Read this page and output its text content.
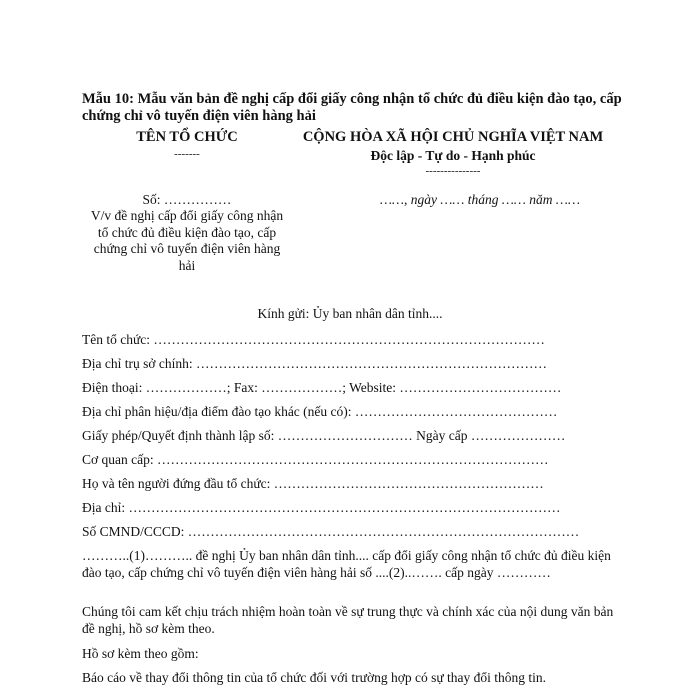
Mẫu 10: Mẫu văn bản đề nghị cấp đổi giấy công nhận tổ chức đủ điều kiện đào tạo, cấp chứng chỉ vô tuyến điện viên hàng hải
TÊN TỔ CHỨC
-------
CỘNG HÒA XÃ HỘI CHỦ NGHĨA VIỆT NAM
Độc lập - Tự do - Hạnh phúc
---------------
Số: ……………
V/v đề nghị cấp đổi giấy công nhận tổ chức đủ điều kiện đào tạo, cấp chứng chỉ vô tuyến điện viên hàng hải
……, ngày …… tháng …… năm ……
Kính gửi: Ủy ban nhân dân tỉnh....
Tên tổ chức: ……………………………………………………………………………
Địa chỉ trụ sở chính: ……………………………………………………………………
Điện thoại: ………………; Fax: ………………; Website: ………………………………
Địa chỉ phân hiệu/địa điểm đào tạo khác (nếu có): ………………………………………
Giấy phép/Quyết định thành lập số: ………………………… Ngày cấp …………………
Cơ quan cấp: ……………………………………………………………………………
Họ và tên người đứng đầu tổ chức: ……………………………………………………
Địa chỉ: ……………………………………………………………………………………
Số CMND/CCCD: ……………………………………………………………………………
………..(1)……….. đề nghị Ủy ban nhân dân tỉnh.... cấp đổi giấy công nhận tổ chức đủ điều kiện đào tạo, cấp chứng chỉ vô tuyến điện viên hàng hải số ....(2)..……. cấp ngày …………
Chúng tôi cam kết chịu trách nhiệm hoàn toàn về sự trung thực và chính xác của nội dung văn bản đề nghị, hồ sơ kèm theo.
Hồ sơ kèm theo gồm:
Báo cáo về thay đổi thông tin của tổ chức đối với trường hợp có sự thay đổi thông tin.
